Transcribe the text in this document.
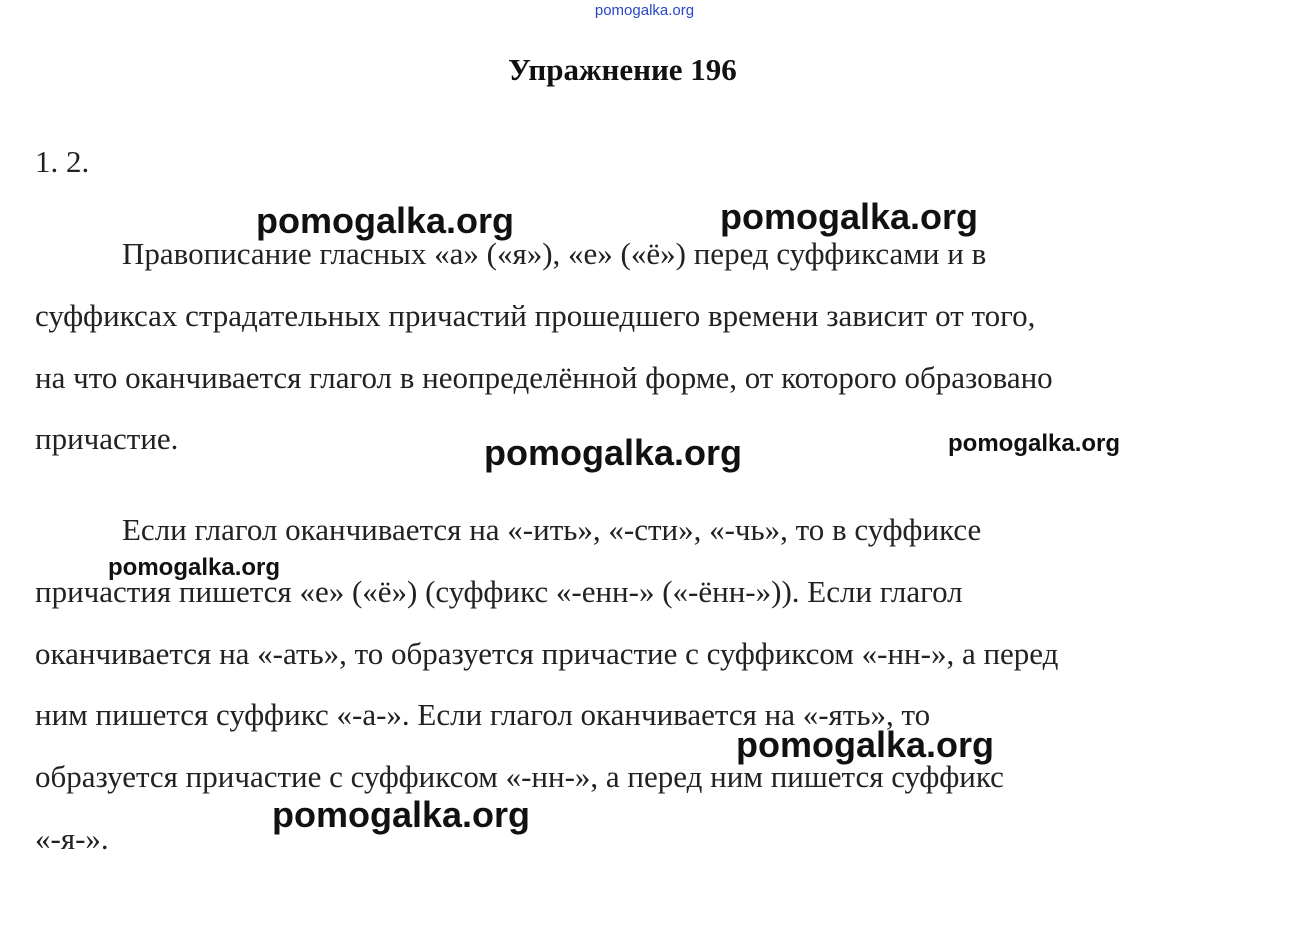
pomogalka.org
Упражнение 196
1. 2.
Правописание гласных «а» («я»), «е» («ё») перед суффиксами и в
суффиксах страдательных причастий прошедшего времени зависит от того,
на что оканчивается глагол в неопределённой форме, от которого образовано
причастие.
Если глагол оканчивается на «-ить», «-сти», «-чь», то в суффиксе
причастия пишется «е» («ё») (суффикс «-енн-» («-ённ-»)). Если глагол
оканчивается на «-ать», то образуется причастие с суффиксом «-нн-», а перед
ним пишется суффикс «-а-». Если глагол оканчивается на «-ять», то
образуется причастие с суффиксом «-нн-», а перед ним пишется суффикс
«-я-».
pomogalka.org	pomogalka.org
pomogalka.org	pomogalka.org
pomogalka.org
pomogalka.org
pomogalka.org
